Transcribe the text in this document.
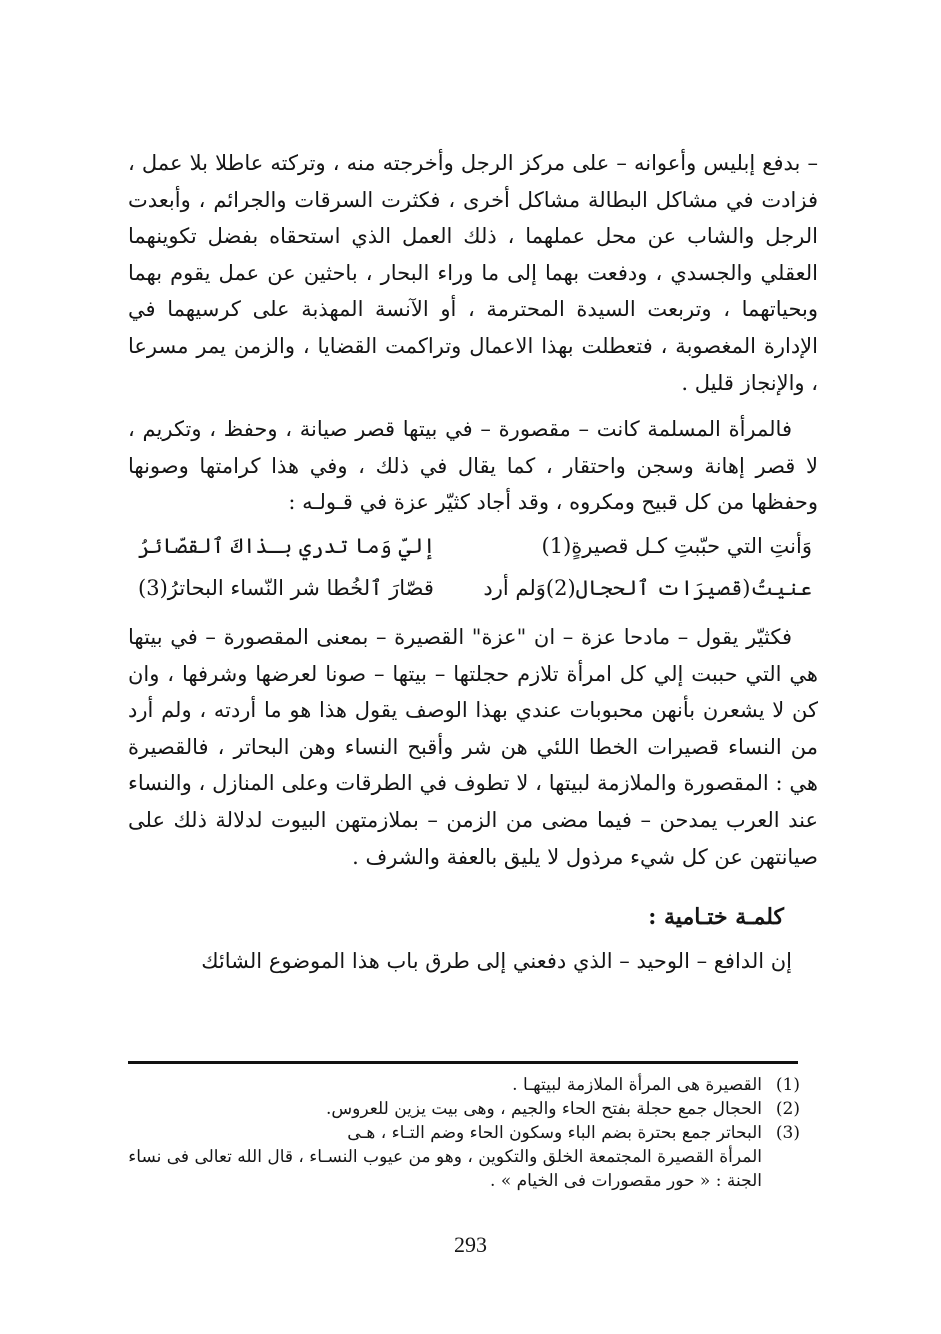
– بدفع إبليس وأعوانه – على مركز الرجل وأخرجته منه ، وتركته عاطلا بلا عمل ، فزادت في مشاكل البطالة مشاكل أخرى ، فكثرت السرقات والجرائم ، وأبعدت الرجل والشاب عن محل عملهما ، ذلك العمل الذي استحقاه بفضل تكوينهما العقلي والجسدي ، ودفعت بهما إلى ما وراء البحار ، باحثين عن عمل يقوم بهما وبحياتهما ، وتربعت السيدة المحترمة ، أو الآنسة المهذبة على كرسيهما في الإدارة المغصوبة ، فتعطلت بهذا الاعمال وتراكمت القضايا ، والزمن يمر مسرعا ، والإنجاز قليل .

فالمرأة المسلمة كانت – مقصورة – في بيتها قصر صيانة ، وحفظ ، وتكريم ، لا قصر إهانة وسجن واحتقار ، كما يقال في ذلك ، وفي هذا كرامتها وصونها وحفظها من كل قبيح ومكروه ، وقد أجاد كثيّر عزة في قـولـه :

وَأنتِ التي حبّبتِ كـل قصيرةٍ(1)
إليّ وَما تدري بـذاكَ ٱلقصّائرُ
عنيتُ(قصيرَات ٱلحجال(2)وَلم أرد
قصّارَ ٱلخُطا شر النّساء البحاترُ(3)

فكثيّر يقول – مادحا عزة – ان "عزة" القصيرة – بمعنى المقصورة – في بيتها هي التي حببت إلي كل امرأة تلازم حجلتها – بيتها – صونا لعرضها وشرفها ، وان كن لا يشعرن بأنهن محبوبات عندي بهذا الوصف يقول هذا هو ما أردته ، ولم أرد من النساء قصيرات الخطا اللئي هن شر وأقبح النساء وهن البحاتر ، فالقصيرة هي : المقصورة والملازمة لبيتها ، لا تطوف في الطرقات وعلى المنازل ، والنساء عند العرب يمدحن – فيما مضى من الزمن – بملازمتهن البيوت لدلالة ذلك على صيانتهن عن كل شيء مرذول لا يليق بالعفة والشرف .

كلمـة ختـامية :

إن الدافع – الوحيد – الذي دفعني إلى طرق باب هذا الموضوع الشائك

(1)
القصيرة هى المرأة الملازمة لبيتهـا .
(2)
الحجال جمع حجلة بفتح الحاء والجيم ، وهى بيت يزين للعروس.
(3)
البحاتر جمع بحترة بضم الباء وسكون الحاء وضم التـاء ، هـى
المرأة القصيرة المجتمعة الخلق والتكوين ، وهو من عيوب النسـاء ، قال الله تعالى فى نساء الجنة : « حور مقصورات فى الخيام » .
293
